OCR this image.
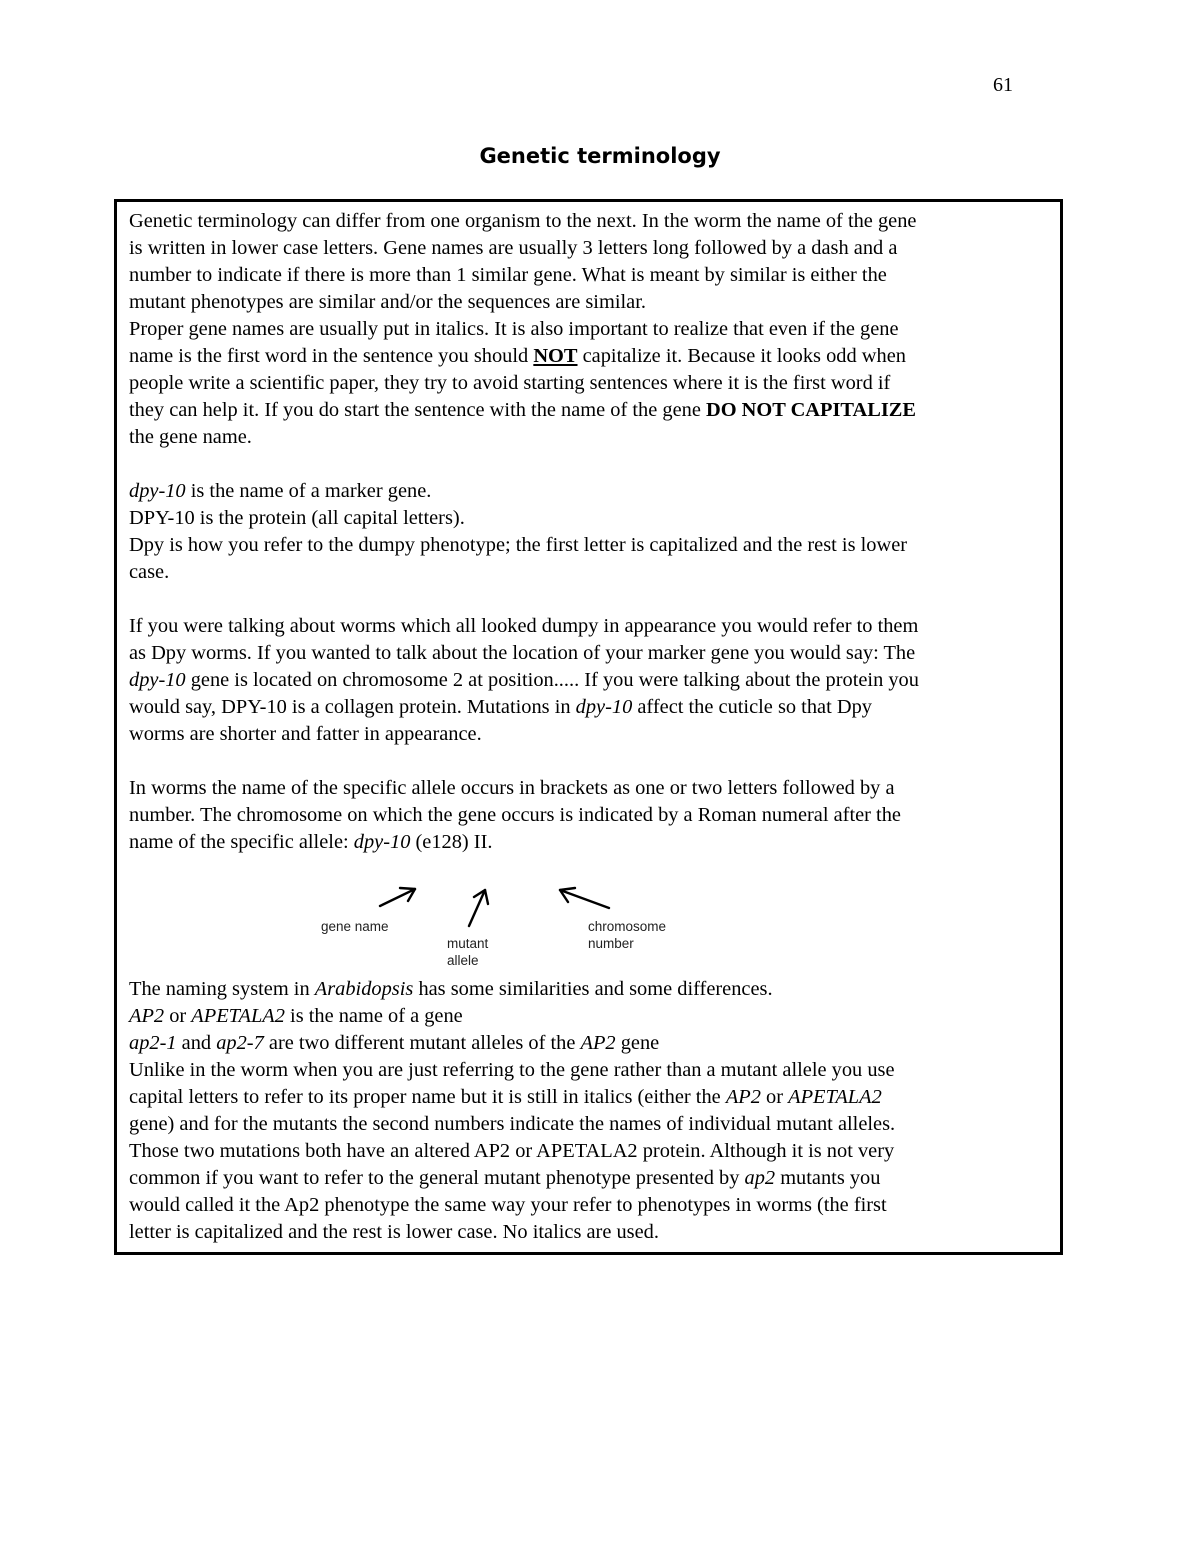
61
Genetic terminology

Genetic terminology can differ from one organism to the next. In the worm the name of the gene

is written in lower case letters. Gene names are usually 3 letters long followed by a dash and a

number to indicate if there is more than 1 similar gene. What is meant by similar is either the

mutant phenotypes are similar and/or the sequences are similar.

Proper gene names are usually put in italics. It is also important to realize that even if the gene

name is the first word in the sentence you should NOT capitalize it. Because it looks odd when

people write a scientific paper, they try to avoid starting sentences where it is the first word if

they can help it. If you do start the sentence with the name of the gene DO NOT CAPITALIZE

the gene name.

dpy-10 is the name of a marker gene.

DPY-10 is the protein (all capital letters).

Dpy is how you refer to the dumpy phenotype; the first letter is capitalized and the rest is lower

case.

If you were talking about worms which all looked dumpy in appearance you would refer to them

as Dpy worms. If you wanted to talk about the location of your marker gene you would say: The

dpy-10 gene is located on chromosome 2 at position..... If you were talking about the protein you

would say, DPY-10 is a collagen protein. Mutations in dpy-10 affect the cuticle so that Dpy

worms are shorter and fatter in appearance.

In worms the name of the specific allele occurs in brackets as one or two letters followed by a

number. The chromosome on which the gene occurs is indicated by a Roman numeral after the

name of the specific allele: dpy-10 (e128) II.

gene name
mutant
allele
chromosome
number

The naming system in Arabidopsis has some similarities and some differences.

AP2 or APETALA2 is the name of a gene

ap2-1 and ap2-7 are two different mutant alleles of the AP2 gene

Unlike in the worm when you are just referring to the gene rather than a mutant allele you use

capital letters to refer to its proper name but it is still in italics (either the AP2 or APETALA2

gene) and for the mutants the second numbers indicate the names of individual mutant alleles.

Those two mutations both have an altered AP2 or APETALA2 protein. Although it is not very

common if you want to refer to the general mutant phenotype presented by ap2 mutants you

would called it the Ap2 phenotype the same way your refer to phenotypes in worms (the first

letter is capitalized and the rest is lower case. No italics are used.
